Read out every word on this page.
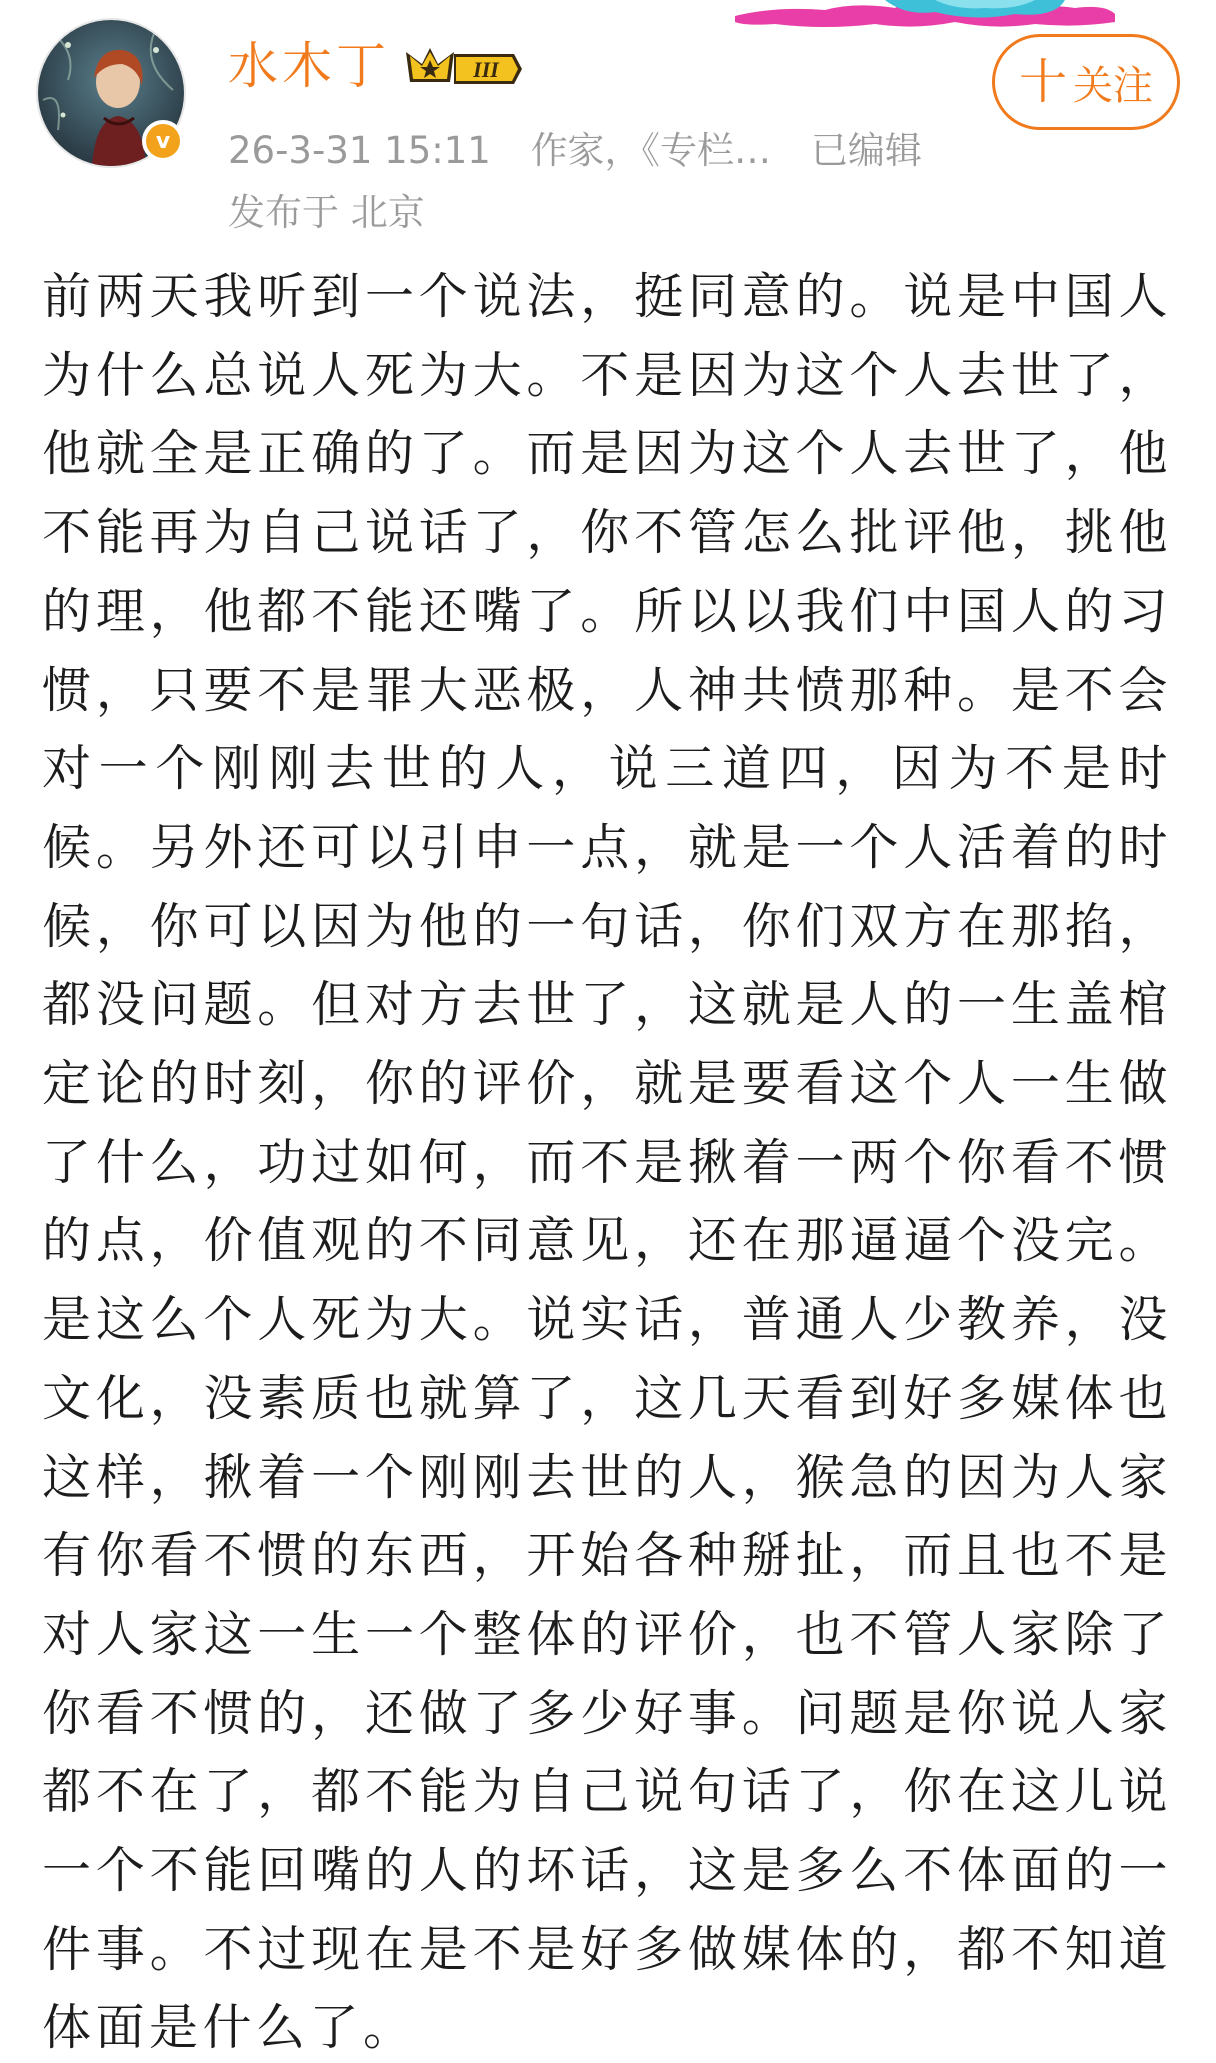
v
水木丁	III
26-3-31 15:11 作家，《专栏… 已编辑
发布于 北京
十 关注
前两天我听到一个说法，挺同意的。说是中国人为什么总说人死为大。不是因为这个人去世了，他就全是正确的了。而是因为这个人去世了，他不能再为自己说话了，你不管怎么批评他，挑他的理，他都不能还嘴了。所以以我们中国人的习惯，只要不是罪大恶极，人神共愤那种。是不会对一个刚刚去世的人，说三道四，因为不是时候。另外还可以引申一点，就是一个人活着的时候，你可以因为他的一句话，你们双方在那掐，都没问题。但对方去世了，这就是人的一生盖棺定论的时刻，你的评价，就是要看这个人一生做了什么，功过如何，而不是揪着一两个你看不惯的点，价值观的不同意见，还在那逼逼个没完。是这么个人死为大。说实话，普通人少教养，没文化，没素质也就算了，这几天看到好多媒体也这样，揪着一个刚刚去世的人，猴急的因为人家有你看不惯的东西，开始各种掰扯，而且也不是对人家这一生一个整体的评价，也不管人家除了你看不惯的，还做了多少好事。问题是你说人家都不在了，都不能为自己说句话了，你在这儿说一个不能回嘴的人的坏话，这是多么不体面的一件事。不过现在是不是好多做媒体的，都不知道体面是什么了。
